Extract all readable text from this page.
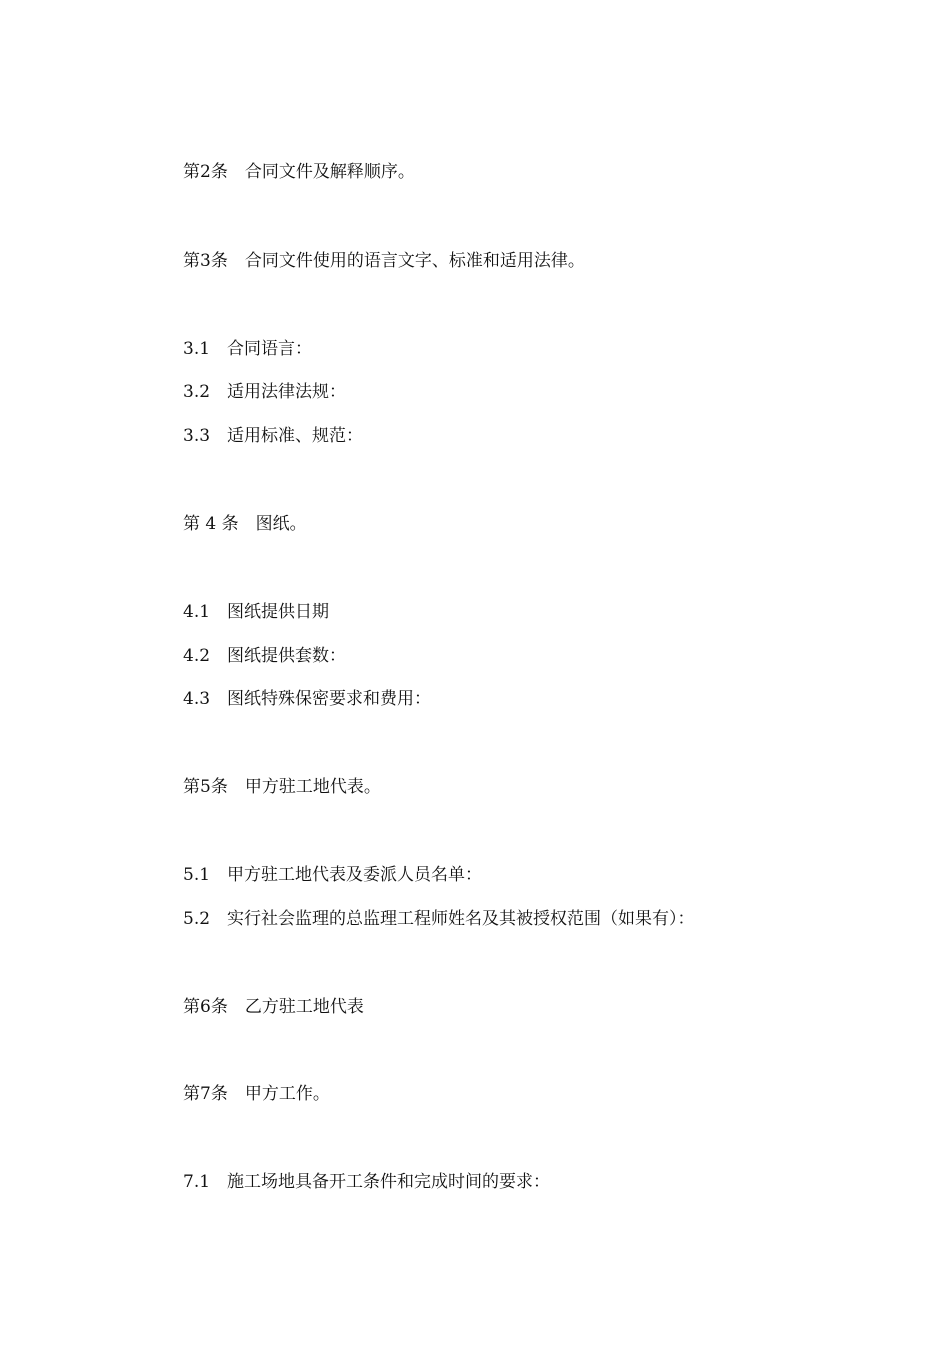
第2条　合同文件及解释顺序。
第3条　合同文件使用的语言文字、标准和适用法律。
3.1　合同语言：
3.2　适用法律法规：
3.3　适用标准、规范：
第 4 条　图纸。
4.1　图纸提供日期
4.2　图纸提供套数：
4.3　图纸特殊保密要求和费用：
第5条　甲方驻工地代表。
5.1　甲方驻工地代表及委派人员名单：
5.2　实行社会监理的总监理工程师姓名及其被授权范围（如果有）：
第6条　乙方驻工地代表
第7条　甲方工作。
7.1　施工场地具备开工条件和完成时间的要求：
